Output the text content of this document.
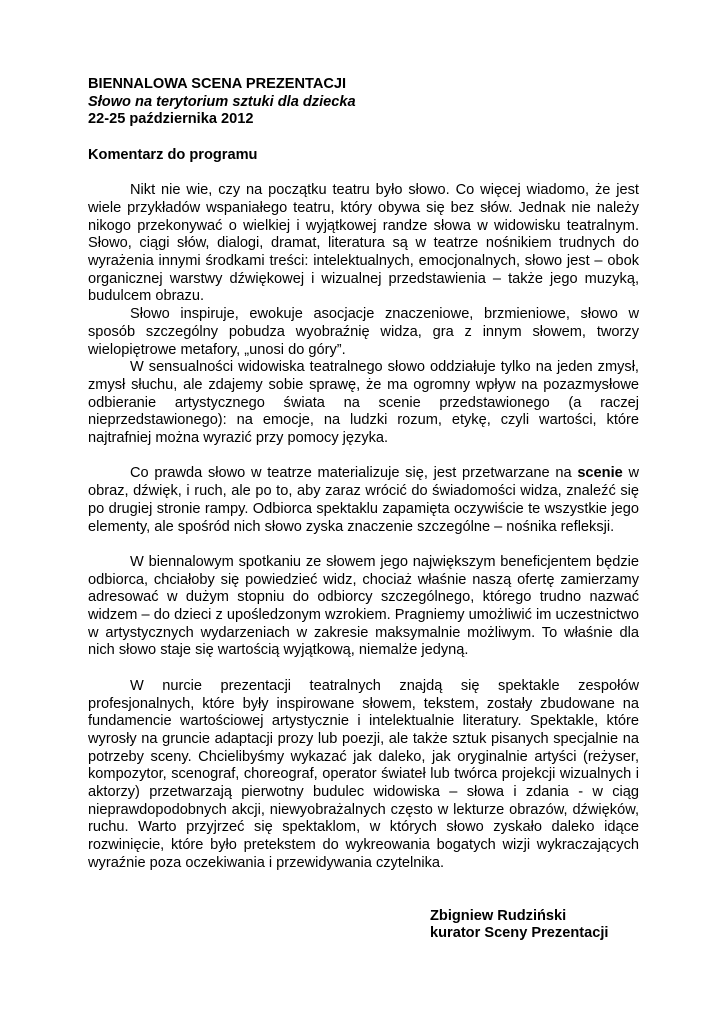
BIENNALOWA SCENA PREZENTACJI
Słowo na terytorium sztuki dla dziecka
22-25 października 2012
Komentarz do programu

Nikt nie wie, czy na początku teatru było słowo. Co więcej wiadomo, że jest wiele przykładów wspaniałego teatru, który obywa się bez słów. Jednak nie należy nikogo przekonywać o wielkiej i wyjątkowej randze słowa w widowisku teatralnym. Słowo, ciągi słów, dialogi, dramat, literatura są w teatrze nośnikiem trudnych do wyrażenia innymi środkami treści: intelektualnych, emocjonalnych, słowo jest – obok organicznej warstwy dźwiękowej i wizualnej przedstawienia – także jego muzyką, budulcem obrazu.

Słowo inspiruje, ewokuje asocjacje znaczeniowe, brzmieniowe, słowo w sposób szczególny pobudza wyobraźnię widza, gra z innym słowem, tworzy wielopiętrowe metafory, „unosi do góry”.

W sensualności widowiska teatralnego słowo oddziałuje tylko na jeden zmysł, zmysł słuchu, ale zdajemy sobie sprawę, że ma ogromny wpływ na pozazmysłowe odbieranie artystycznego świata na scenie przedstawionego (a raczej nieprzedstawionego): na emocje, na ludzki rozum, etykę, czyli wartości, które najtrafniej można wyrazić przy pomocy języka.

Co prawda słowo w teatrze materializuje się, jest przetwarzane na scenie w obraz, dźwięk, i ruch, ale po to, aby zaraz wrócić do świadomości widza, znaleźć się po drugiej stronie rampy. Odbiorca spektaklu zapamięta oczywiście te wszystkie jego elementy, ale spośród nich słowo zyska znaczenie szczególne – nośnika refleksji.

W biennalowym spotkaniu ze słowem jego największym beneficjentem będzie odbiorca, chciałoby się powiedzieć widz, chociaż właśnie naszą ofertę zamierzamy adresować w dużym stopniu do odbiorcy szczególnego, którego trudno nazwać widzem – do dzieci z upośledzonym wzrokiem. Pragniemy umożliwić im uczestnictwo w artystycznych wydarzeniach w zakresie maksymalnie możliwym. To właśnie dla nich słowo staje się wartością wyjątkową, niemalże jedyną.

W nurcie prezentacji teatralnych znajdą się spektakle zespołów profesjonalnych, które były inspirowane słowem, tekstem, zostały zbudowane na fundamencie wartościowej artystycznie i intelektualnie literatury. Spektakle, które wyrosły na gruncie adaptacji prozy lub poezji, ale także sztuk pisanych specjalnie na potrzeby sceny. Chcielibyśmy wykazać jak daleko, jak oryginalnie artyści (reżyser, kompozytor, scenograf, choreograf, operator świateł lub twórca projekcji wizualnych i aktorzy) przetwarzają pierwotny budulec widowiska – słowa i zdania - w ciąg nieprawdopodobnych akcji, niewyobrażalnych często w lekturze obrazów, dźwięków, ruchu. Warto przyjrzeć się spektaklom, w których słowo zyskało daleko idące rozwinięcie, które było pretekstem do wykreowania bogatych wizji wykraczających wyraźnie poza oczekiwania i przewidywania czytelnika.

Zbigniew Rudziński
kurator Sceny Prezentacji
